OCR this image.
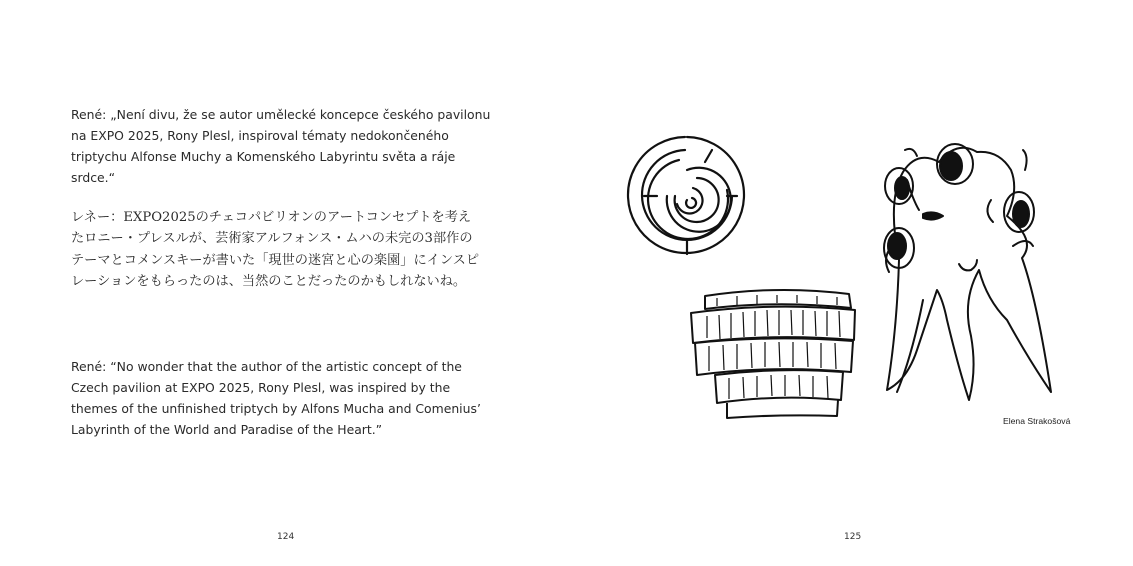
René: „Není divu, že se autor umělecké koncepce českého pavilonu na EXPO 2025, Rony Plesl, inspiroval tématy nedokončeného triptychu Alfonse Muchy a Komenského Labyrintu světa a ráje srdce.“

レネー：EXPO2025のチェコパビリオンのアートコンセプトを考えたロニー・プレスルが、芸術家アルフォンス・ムハの未完の3部作のテーマとコメンスキーが書いた「現世の迷宮と心の楽園」にインスピレーションをもらったのは、当然のことだったのかもしれないね。

René: “No wonder that the author of the artistic concept of the Czech pavilion at EXPO 2025, Rony Plesl, was inspired by the themes of the unfinished triptych by Alfons Mucha and Comenius’ Labyrinth of the World and Paradise of the Heart.”

124
Elena Strakošová
125
